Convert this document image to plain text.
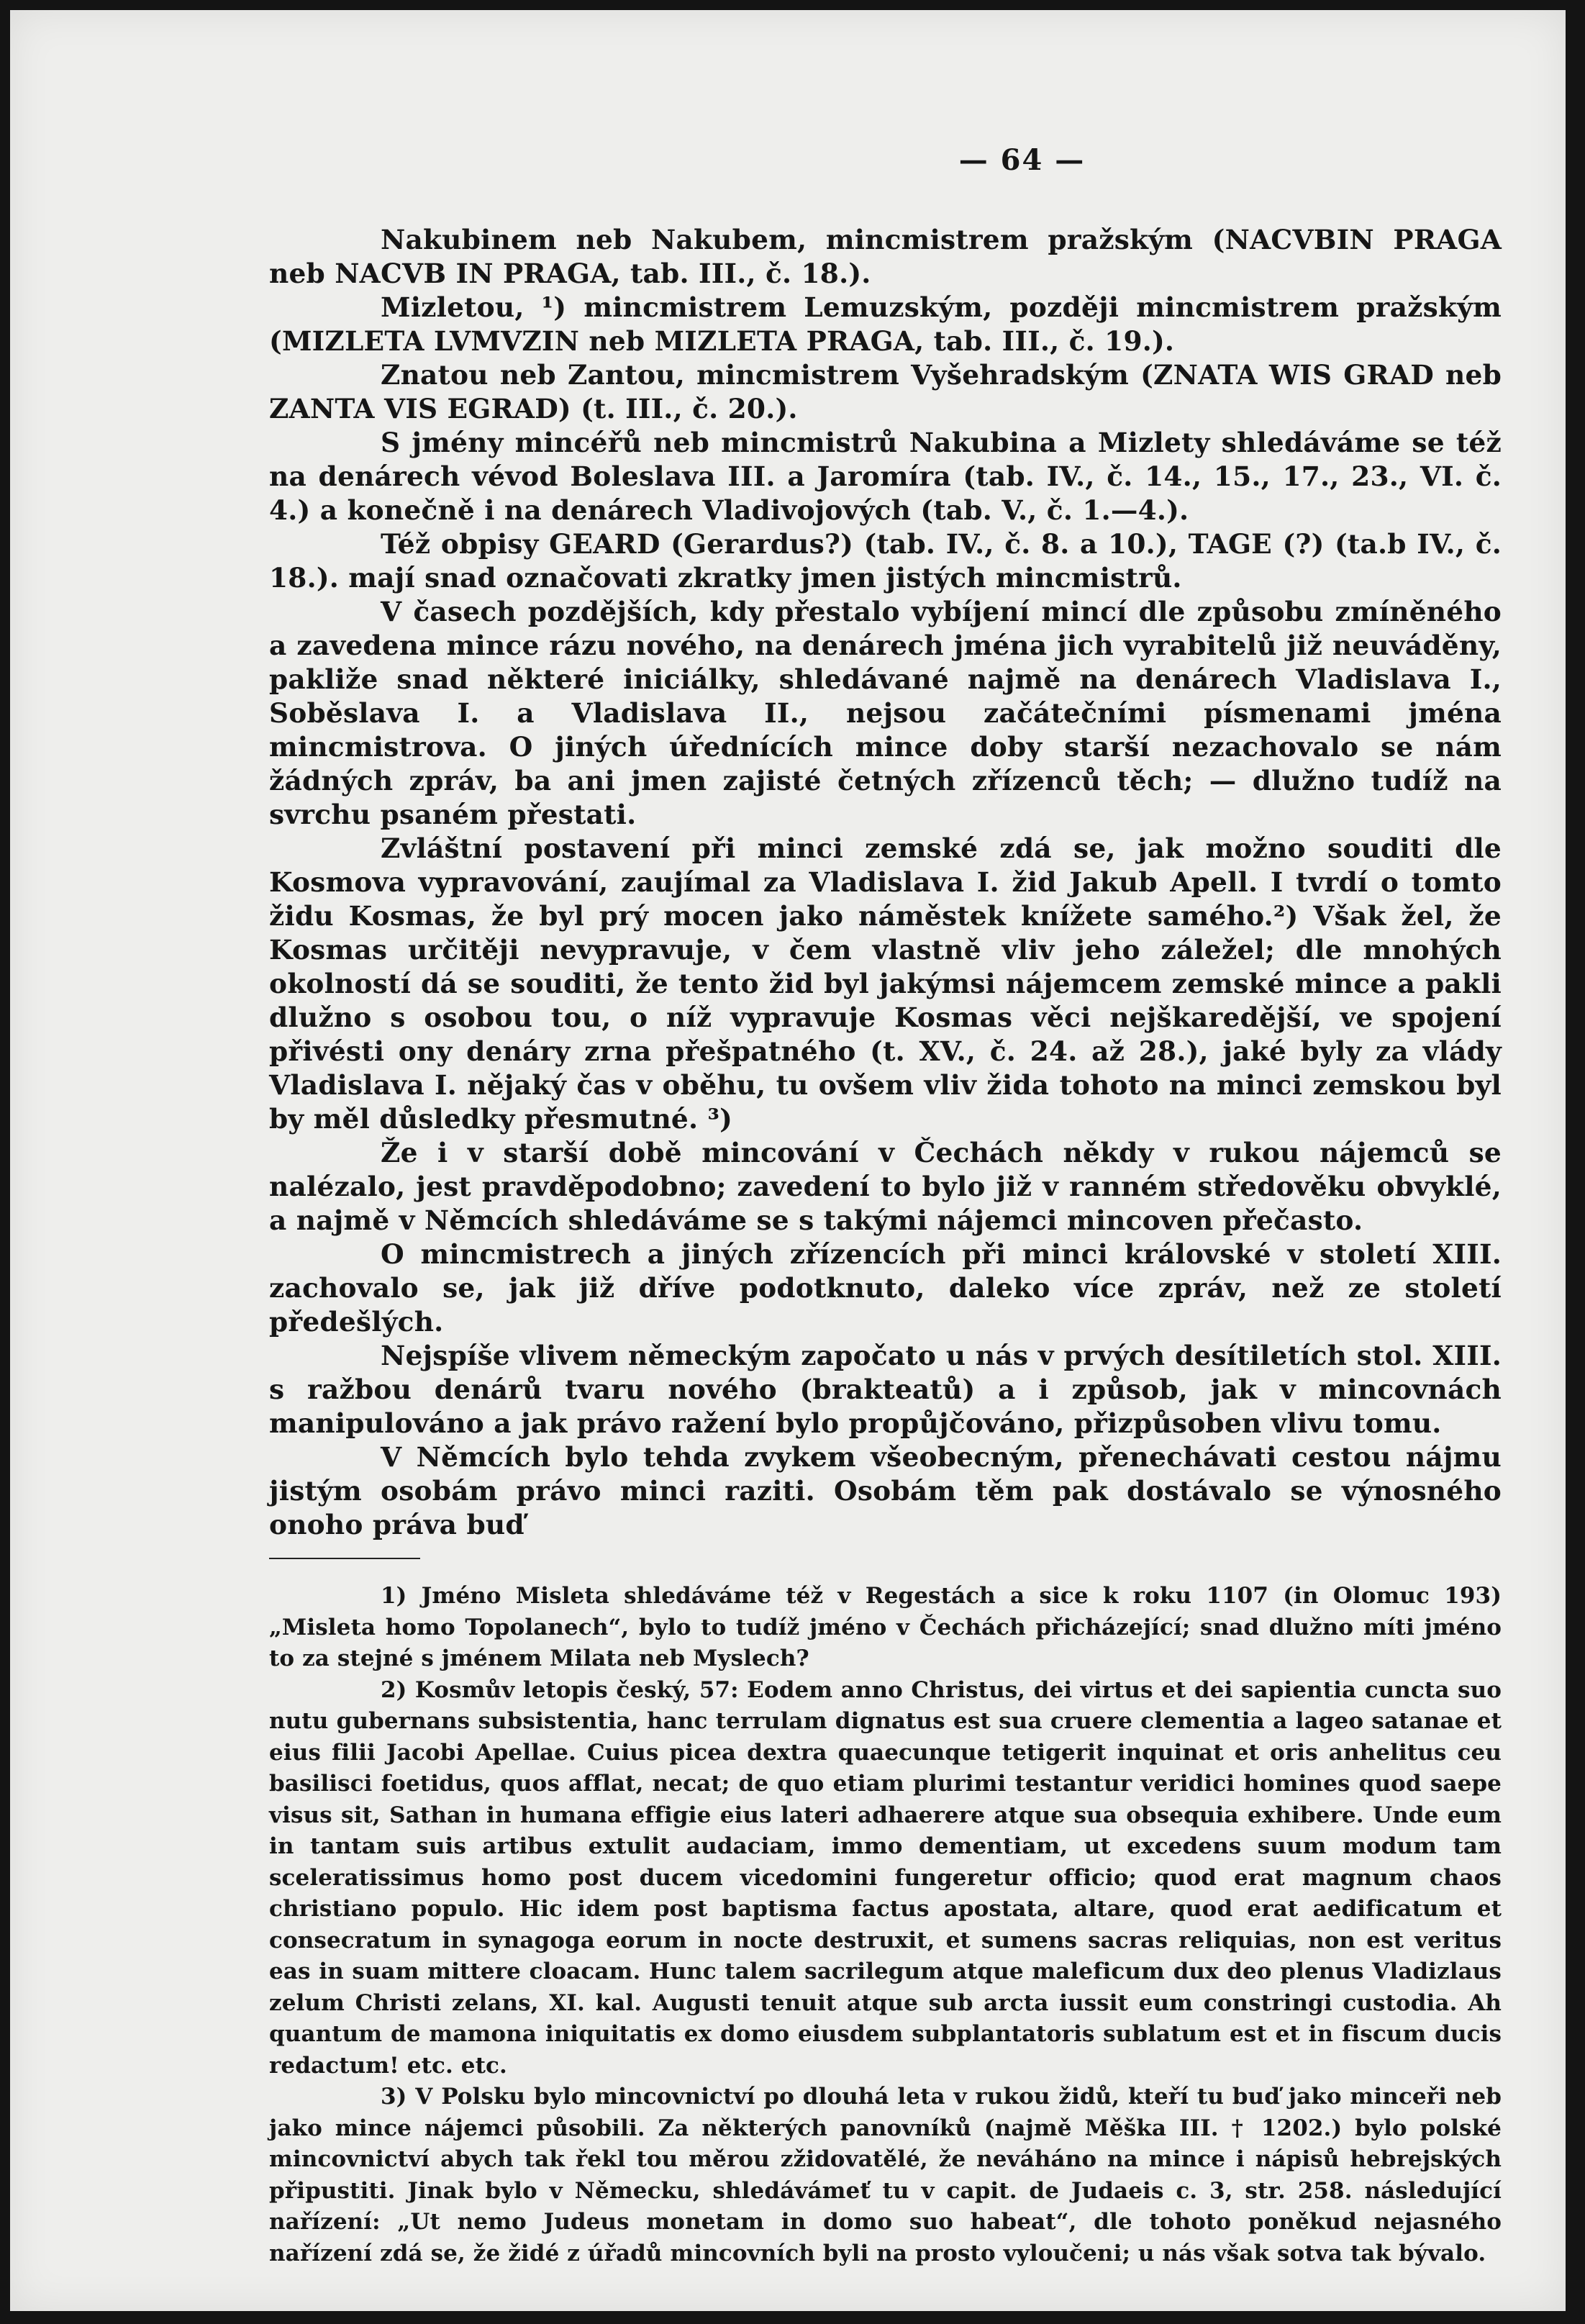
— 64 —

Nakubinem neb Nakubem, mincmistrem pražským (NACVBIN PRAGA neb NACVB IN PRAGA, tab. III., č. 18.).

Mizletou, ¹) mincmistrem Lemuzským, později mincmistrem pražským (MIZLETA LVMVZIN neb MIZLETA PRAGA, tab. III., č. 19.).

Znatou neb Zantou, mincmistrem Vyšehradským (ZNATA WIS GRAD neb ZANTA VIS EGRAD) (t. III., č. 20.).

S jmény mincéřů neb mincmistrů Nakubina a Mizlety shledáváme se též na denárech vévod Boleslava III. a Jaromíra (tab. IV., č. 14., 15., 17., 23., VI. č. 4.) a konečně i na denárech Vladivojových (tab. V., č. 1.—4.).

Též obpisy GEARD (Gerardus?) (tab. IV., č. 8. a 10.), TAGE (?) (ta.b IV., č. 18.). mají snad označovati zkratky jmen jistých mincmistrů.

V časech pozdějších, kdy přestalo vybíjení mincí dle způsobu zmíněného a zavedena mince rázu nového, na denárech jména jich vyrabitelů již neuváděny, pakliže snad některé iniciálky, shledávané najmě na denárech Vladislava I., Soběslava I. a Vladislava II., nejsou začátečními písmenami jména mincmistrova. O jiných úřednících mince doby starší nezachovalo se nám žádných zpráv, ba ani jmen zajisté četných zřízenců těch; — dlužno tudíž na svrchu psaném přestati.

Zvláštní postavení při minci zemské zdá se, jak možno souditi dle Kosmova vypravování, zaujímal za Vladislava I. žid Jakub Apell. I tvrdí o tomto židu Kosmas, že byl prý mocen jako náměstek knížete samého.²) Však žel, že Kosmas určitěji nevypravuje, v čem vlastně vliv jeho záležel; dle mnohých okolností dá se souditi, že tento žid byl jakýmsi nájemcem zemské mince a pakli dlužno s osobou tou, o níž vypravuje Kosmas věci nejškaredější, ve spojení přivésti ony denáry zrna přešpatného (t. XV., č. 24. až 28.), jaké byly za vlády Vladislava I. nějaký čas v oběhu, tu ovšem vliv žida tohoto na minci zemskou byl by měl důsledky přesmutné. ³)

Že i v starší době mincování v Čechách někdy v rukou nájemců se nalézalo, jest pravděpodobno; zavedení to bylo již v ranném středověku obvyklé, a najmě v Němcích shledáváme se s takými nájemci mincoven přečasto.

O mincmistrech a jiných zřízencích při minci královské v století XIII. zachovalo se, jak již dříve podotknuto, daleko více zpráv, než ze století předešlých.

Nejspíše vlivem německým započato u nás v prvých desítiletích stol. XIII. s ražbou denárů tvaru nového (brakteatů) a i způsob, jak v mincovnách manipulováno a jak právo ražení bylo propůjčováno, přizpůsoben vlivu tomu.

V Němcích bylo tehda zvykem všeobecným, přenechávati cestou nájmu jistým osobám právo minci raziti. Osobám těm pak dostávalo se výnosného onoho práva buď

1) Jméno Misleta shledáváme též v Regestách a sice k roku 1107 (in Olomuc 193) „Misleta homo Topolanech“, bylo to tudíž jméno v Čechách přicházející; snad dlužno míti jméno to za stejné s jménem Milata neb Myslech?

2) Kosmův letopis český, 57: Eodem anno Christus, dei virtus et dei sapientia cuncta suo nutu gubernans subsistentia, hanc terrulam dignatus est sua cruere clementia a lageo satanae et eius filii Jacobi Apellae. Cuius picea dextra quaecunque tetigerit inquinat et oris anhelitus ceu basilisci foetidus, quos afflat, necat; de quo etiam plurimi testantur veridici homines quod saepe visus sit, Sathan in humana effigie eius lateri adhaerere atque sua obsequia exhibere. Unde eum in tantam suis artibus extulit audaciam, immo dementiam, ut excedens suum modum tam sceleratissimus homo post ducem vicedomini fungeretur officio; quod erat magnum chaos christiano populo. Hic idem post baptisma factus apostata, altare, quod erat aedificatum et consecratum in synagoga eorum in nocte destruxit, et sumens sacras reliquias, non est veritus eas in suam mittere cloacam. Hunc talem sacrilegum atque maleficum dux deo plenus Vladizlaus zelum Christi zelans, XI. kal. Augusti tenuit atque sub arcta iussit eum constringi custodia. Ah quantum de mamona iniquitatis ex domo eiusdem subplantatoris sublatum est et in fiscum ducis redactum! etc. etc.

3) V Polsku bylo mincovnictví po dlouhá leta v rukou židů, kteří tu buď jako minceři neb jako mince nájemci působili. Za některých panovníků (najmě Měška III. † 1202.) bylo polské mincovnictví abych tak řekl tou měrou zžidovatělé, že neváháno na mince i nápisů hebrejských připustiti. Jinak bylo v Německu, shledávámeť tu v capit. de Judaeis c. 3, str. 258. následující nařízení: „Ut nemo Judeus monetam in domo suo habeat“, dle tohoto poněkud nejasného nařízení zdá se, že židé z úřadů mincovních byli na prosto vyloučeni; u nás však sotva tak bývalo.
